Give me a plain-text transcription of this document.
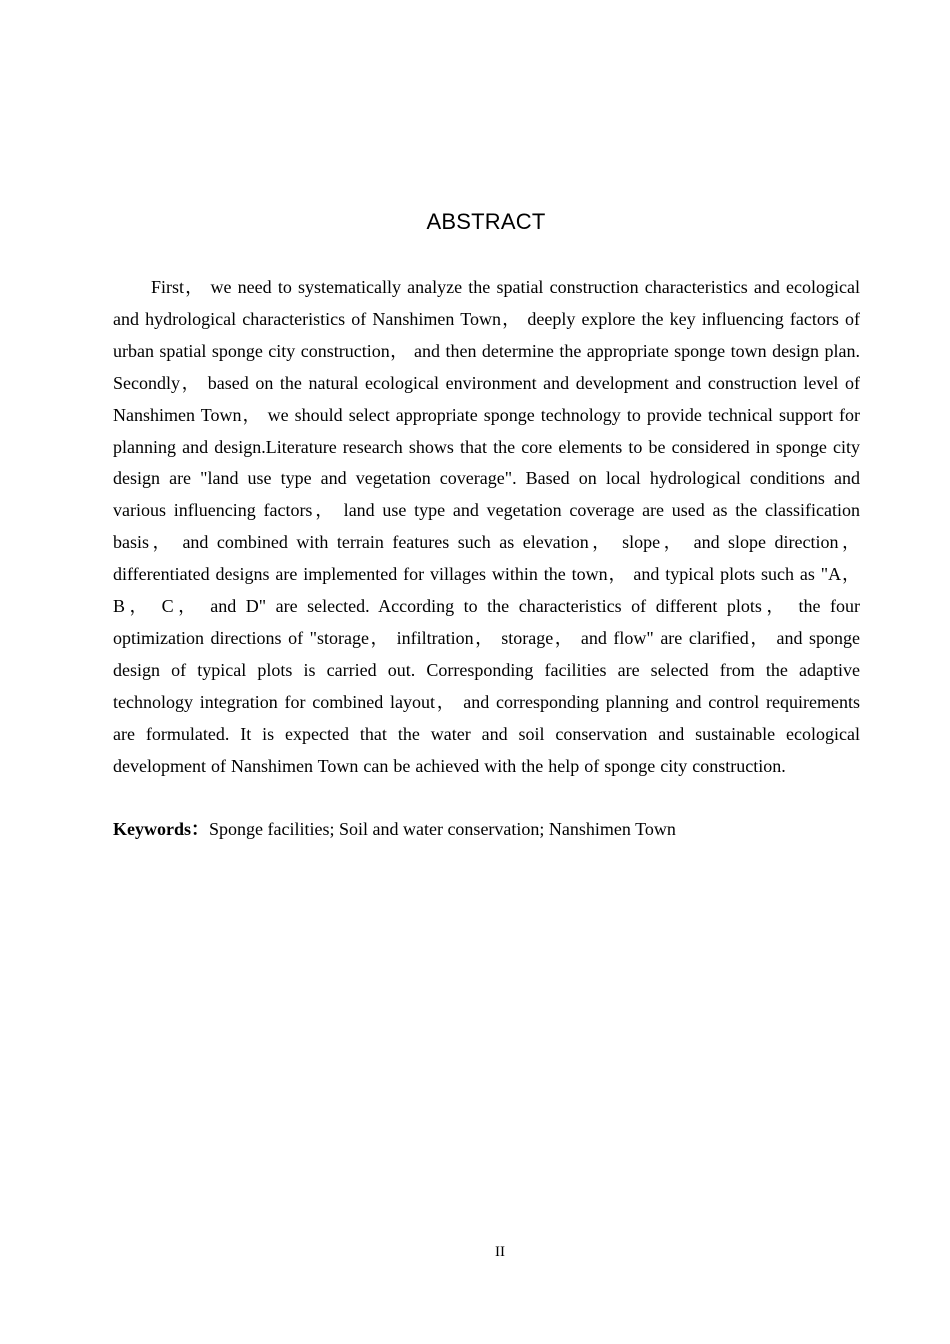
ABSTRACT

First， we need to systematically analyze the spatial construction characteristics and ecological and hydrological characteristics of Nanshimen Town， deeply explore the key influencing factors of urban spatial sponge city construction， and then determine the appropriate sponge town design plan. Secondly， based on the natural ecological environment and development and construction level of Nanshimen Town， we should select appropriate sponge technology to provide technical support for planning and design.Literature research shows that the core elements to be considered in sponge city design are "land use type and vegetation coverage". Based on local hydrological conditions and various influencing factors， land use type and vegetation coverage are used as the classification basis， and combined with terrain features such as elevation， slope， and slope direction， differentiated designs are implemented for villages within the town， and typical plots such as "A， B， C， and D" are selected. According to the characteristics of different plots， the four optimization directions of "storage， infiltration， storage， and flow" are clarified， and sponge design of typical plots is carried out. Corresponding facilities are selected from the adaptive technology integration for combined layout， and corresponding planning and control requirements are formulated. It is expected that the water and soil conservation and sustainable ecological development of Nanshimen Town can be achieved with the help of sponge city construction.

Keywords：Sponge facilities; Soil and water conservation; Nanshimen Town

II
